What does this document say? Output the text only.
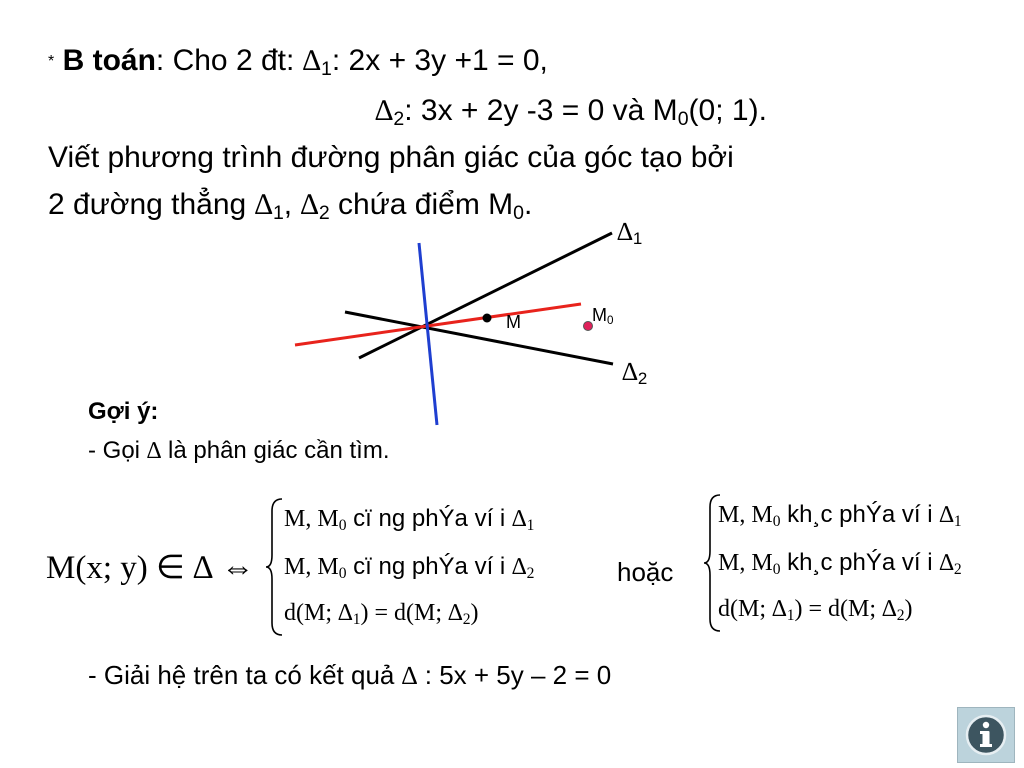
* B toán: Cho 2 đt: $\Delta_1$: 2x + 3y +1 = 0,
$\Delta_2$: 3x + 2y -3 = 0 và $M_0(0$; 1).
Viết phương trình đường phân giác của góc tạo bởi
2 đường thẳng $\Delta_1$, $\Delta_2$ chứa điểm $M_0$.
$\Delta_1$
$\Delta_2$
M	$M_0$
Gợi ý:
- Gọi ∆ là phân giác cần tìm.
M(x; y) ∈ ∆ ⇔
M, $M_0$ cï ng phÝa ví i $\Delta_1$
M, $M_0$ cï ng phÝa ví i $\Delta_2$
d(M; $\Delta_1) = d(M$; $\Delta_2$)
hoặc
M, $M_0$ kh¸c phÝa ví i $\Delta_1$
M, $M_0$ kh¸c phÝa ví i $\Delta_2$
d(M; $\Delta_1) = d(M$; $\Delta_2$)
- Giải hệ trên ta có kết quả ∆ : 5x + 5y – 2 = 0
